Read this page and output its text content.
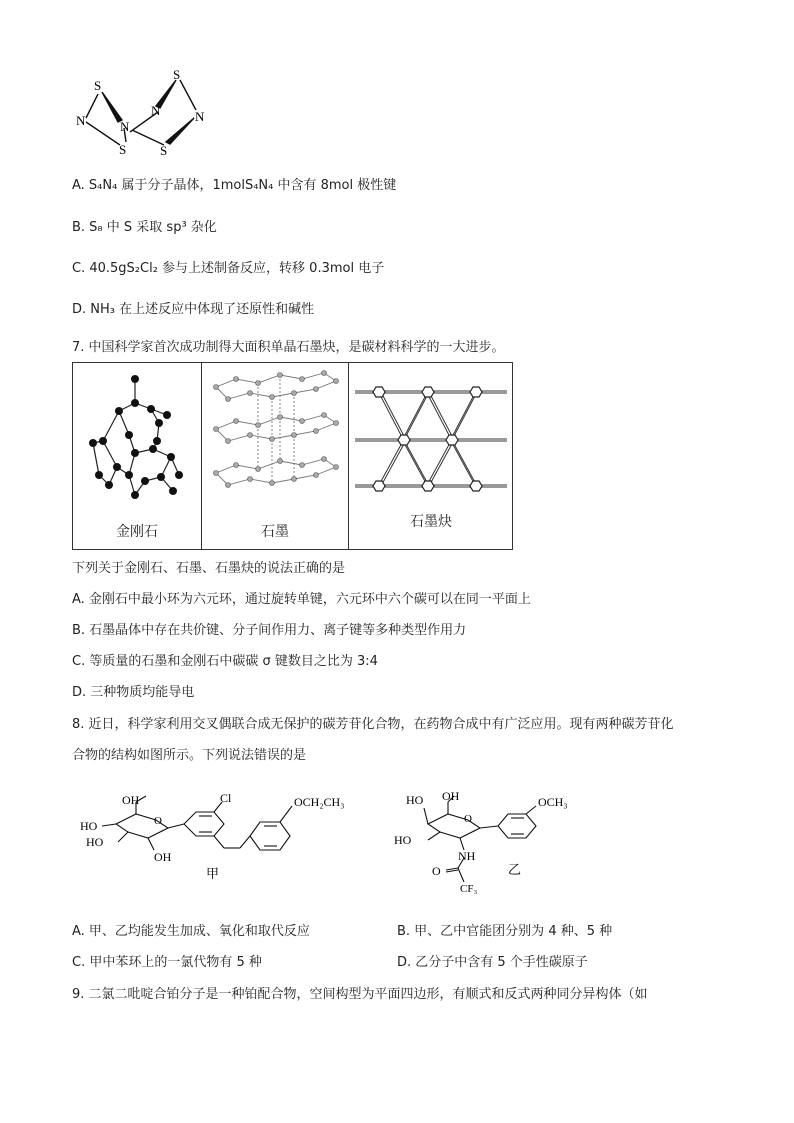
S
N	N
S
N
S
N
S
A. S₄N₄ 属于分子晶体，1molS₄N₄ 中含有 8mol 极性键
B. S₈ 中 S 采取 sp³ 杂化
C. 40.5gS₂Cl₂ 参与上述制备反应，转移 0.3mol 电子
D. NH₃ 在上述反应中体现了还原性和碱性
7. 中国科学家首次成功制得大面积单晶石墨炔，是碳材料科学的一大进步。
金刚石	石墨
石墨炔
下列关于金刚石、石墨、石墨炔的说法正确的是
A. 金刚石中最小环为六元环，通过旋转单键，六元环中六个碳可以在同一平面上
B. 石墨晶体中存在共价键、分子间作用力、离子键等多种类型作用力
C. 等质量的石墨和金刚石中碳碳 σ 键数目之比为 3:4
D. 三种物质均能导电
8. 近日，科学家利用交叉偶联合成无保护的碳芳苷化合物，在药物合成中有广泛应用。现有两种碳芳苷化
合物的结构如图所示。下列说法错误的是
OH
HO
HO
OH
O
Cl	OCH₂CH₃
甲
HO OH
HO
O
NH
O
CF₃
OCH₃
乙
A. 甲、乙均能发生加成、氧化和取代反应	B. 甲、乙中官能团分别为 4 种、5 种
C. 甲中苯环上的一氯代物有 5 种	D. 乙分子中含有 5 个手性碳原子
9. 二氯二吡啶合铂分子是一种铂配合物，空间构型为平面四边形，有顺式和反式两种同分异构体（如
